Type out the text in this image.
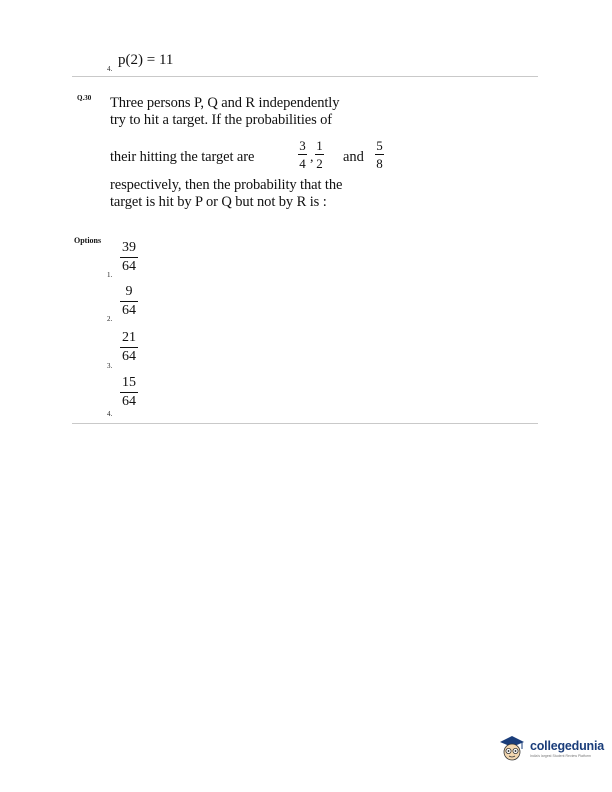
4.
p(2) = 11
Q.30 Three persons P, Q and R independently
try to hit a target. If the probabilities of
their hitting the target are
3
4 ,
1
2 and
5
8
respectively, then the probability that the
target is hit by P or Q but not by R is :
Options 39
64
1.
9
64
2.
21
64
3.
15
64
4.
collegedunia
India's largest Student Review Platform
